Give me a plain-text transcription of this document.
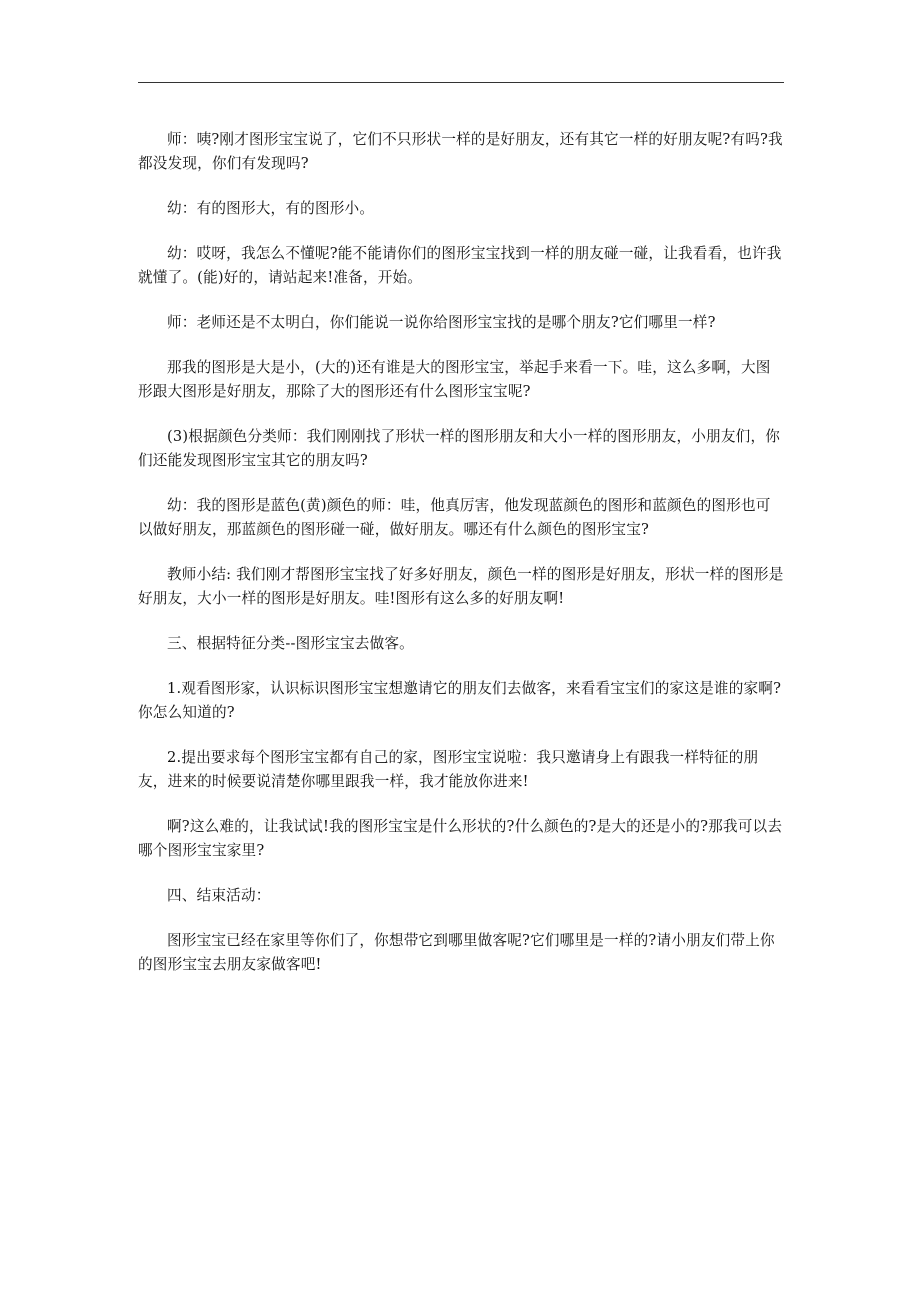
师：咦?刚才图形宝宝说了，它们不只形状一样的是好朋友，还有其它一样的好朋友呢?有吗?我都没发现，你们有发现吗?

幼：有的图形大，有的图形小。

幼：哎呀，我怎么不懂呢?能不能请你们的图形宝宝找到一样的朋友碰一碰，让我看看，也许我就懂了。(能)好的，请站起来!准备，开始。

师：老师还是不太明白，你们能说一说你给图形宝宝找的是哪个朋友?它们哪里一样?

那我的图形是大是小，(大的)还有谁是大的图形宝宝，举起手来看一下。哇，这么多啊，大图形跟大图形是好朋友，那除了大的图形还有什么图形宝宝呢?

(3)根据颜色分类师：我们刚刚找了形状一样的图形朋友和大小一样的图形朋友，小朋友们，你们还能发现图形宝宝其它的朋友吗?

幼：我的图形是蓝色(黄)颜色的师：哇，他真厉害，他发现蓝颜色的图形和蓝颜色的图形也可以做好朋友，那蓝颜色的图形碰一碰，做好朋友。哪还有什么颜色的图形宝宝?

教师小结: 我们刚才帮图形宝宝找了好多好朋友，颜色一样的图形是好朋友，形状一样的图形是好朋友，大小一样的图形是好朋友。哇!图形有这么多的好朋友啊!

三、根据特征分类--图形宝宝去做客。

1.观看图形家，认识标识图形宝宝想邀请它的朋友们去做客，来看看宝宝们的家这是谁的家啊?你怎么知道的?

2.提出要求每个图形宝宝都有自己的家，图形宝宝说啦：我只邀请身上有跟我一样特征的朋友，进来的时候要说清楚你哪里跟我一样，我才能放你进来!

啊?这么难的，让我试试!我的图形宝宝是什么形状的?什么颜色的?是大的还是小的?那我可以去哪个图形宝宝家里?

四、结束活动：

图形宝宝已经在家里等你们了，你想带它到哪里做客呢?它们哪里是一样的?请小朋友们带上你的图形宝宝去朋友家做客吧!
